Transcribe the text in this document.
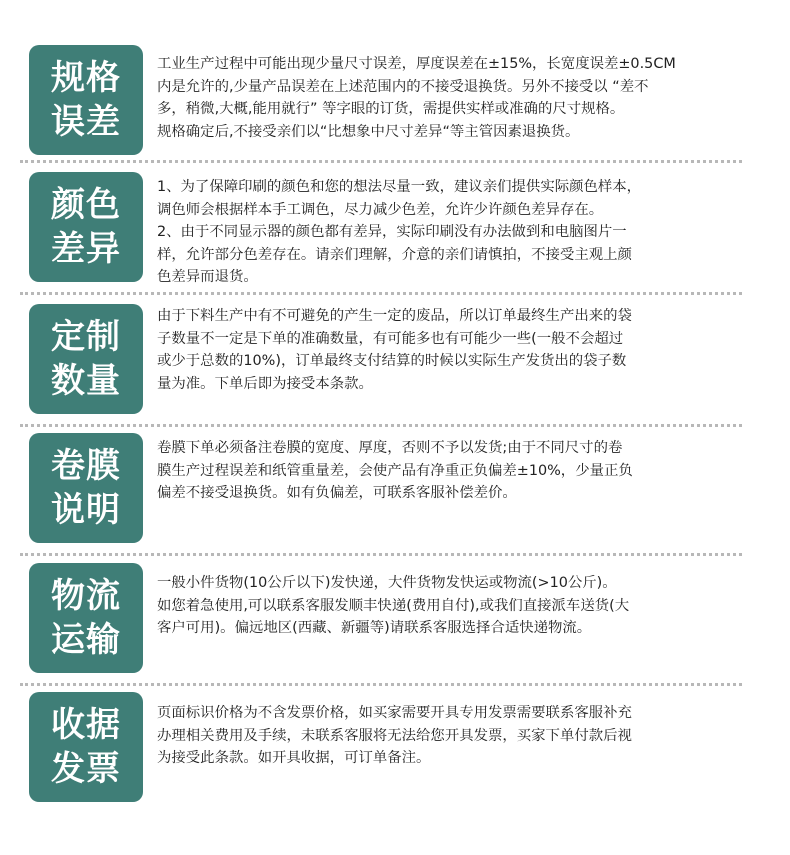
规格
误差

工业生产过程中可能出现少量尺寸误差，厚度误差在±15%，长宽度误差±0.5CM

内是允许的,少量产品误差在上述范围内的不接受退换货。另外不接受以 “差不

多，稍微,大概,能用就行” 等字眼的订货，需提供实样或准确的尺寸规格。

规格确定后,不接受亲们以“比想象中尺寸差异“等主管因素退换货。

颜色
差异

1、为了保障印刷的颜色和您的想法尽量一致，建议亲们提供实际颜色样本，

调色师会根据样本手工调色，尽力减少色差，允许少许颜色差异存在。

2、由于不同显示器的颜色都有差异，实际印刷没有办法做到和电脑图片一

样，允许部分色差存在。请亲们理解，介意的亲们请慎拍，不接受主观上颜

色差异而退货。

定制
数量

由于下料生产中有不可避免的产生一定的废品，所以订单最终生产出来的袋

子数量不一定是下单的准确数量，有可能多也有可能少一些(一般不会超过

或少于总数的10%)，订单最终支付结算的时候以实际生产发货出的袋子数

量为准。下单后即为接受本条款。

卷膜
说明

卷膜下单必须备注卷膜的宽度、厚度，否则不予以发货;由于不同尺寸的卷

膜生产过程误差和纸管重量差，会使产品有净重正负偏差±10%，少量正负

偏差不接受退换货。如有负偏差，可联系客服补偿差价。

物流
运输

一般小件货物(10公斤以下)发快递，大件货物发快运或物流(>10公斤)。

如您着急使用,可以联系客服发顺丰快递(费用自付),或我们直接派车送货(大

客户可用)。偏远地区(西藏、新疆等)请联系客服选择合适快递物流。

收据
发票

页面标识价格为不含发票价格，如买家需要开具专用发票需要联系客服补充

办理相关费用及手续，未联系客服将无法给您开具发票，买家下单付款后视

为接受此条款。如开具收据，可订单备注。
